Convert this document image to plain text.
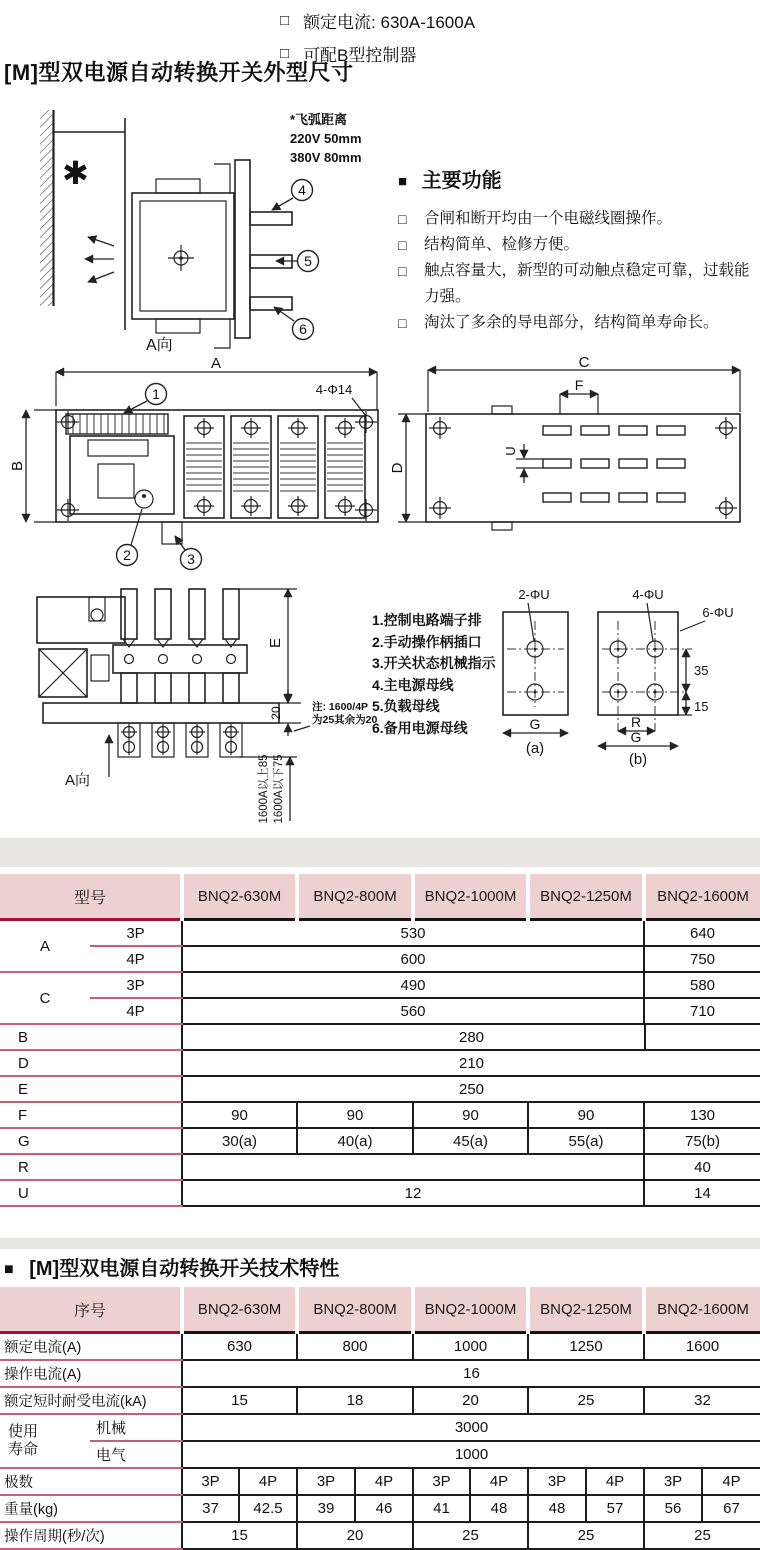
□ 额定电流: 630A-1600A
□ 可配B型控制器
[M]型双电源自动转换开关外型尺寸
*飞弧距离
220V 50mm
380V 80mm
■ 主要功能
□	合闸和断开均由一个电磁线圈操作。
□	结构简单、检修方便。
□	触点容量大，新型的可动触点稳定可靠，过载能力强。
□	淘汰了多余的导电部分，结构简单寿命长。
✱	4
5
6
A向
A
B
4-Φ14
1
2	3
C
F
D
U
E
20	注: 1600/4P
为25其余为20
1600A以上85 1600A以下75
A向
1.控制电路端子排
2.手动操作柄插口
3.开关状态机械指示
4.主电源母线
5.负载母线
6.备用电源母线
2-ΦU
G
(a)
4-ΦU
6-ΦU
35
15
R
G
(b)
型号		BNQ2-630M	BNQ2-800M	BNQ2-1000M	BNQ2-1250M	BNQ2-1600M
A	3P	530				640
	4P	600				750
C	3P	490				580
	4P	560				710
B		280				
D		210				
E		250				
F		90	90	90	90	130
G		30(a)	40(a)	45(a)	55(a)	75(b)
R						40
U		12				14
■ [M]型双电源自动转换开关技术特性
序号		BNQ2-630M		BNQ2-800M		BNQ2-1000M		BNQ2-1250M		BNQ2-1600M	
额定电流(A)		630		800		1000		1250		1600	
操作电流(A)		16									
额定短时耐受电流(kA)		15		18		20		25		32	

使用
寿命	机械	3000									
	电气	1000									
极数		3P	4P	3P	4P	3P	4P	3P	4P	3P	4P
重量(kg)		37	42.5	39	46	41	48	48	57	56	67
操作周期(秒/次)		15		20		25		25		25	
